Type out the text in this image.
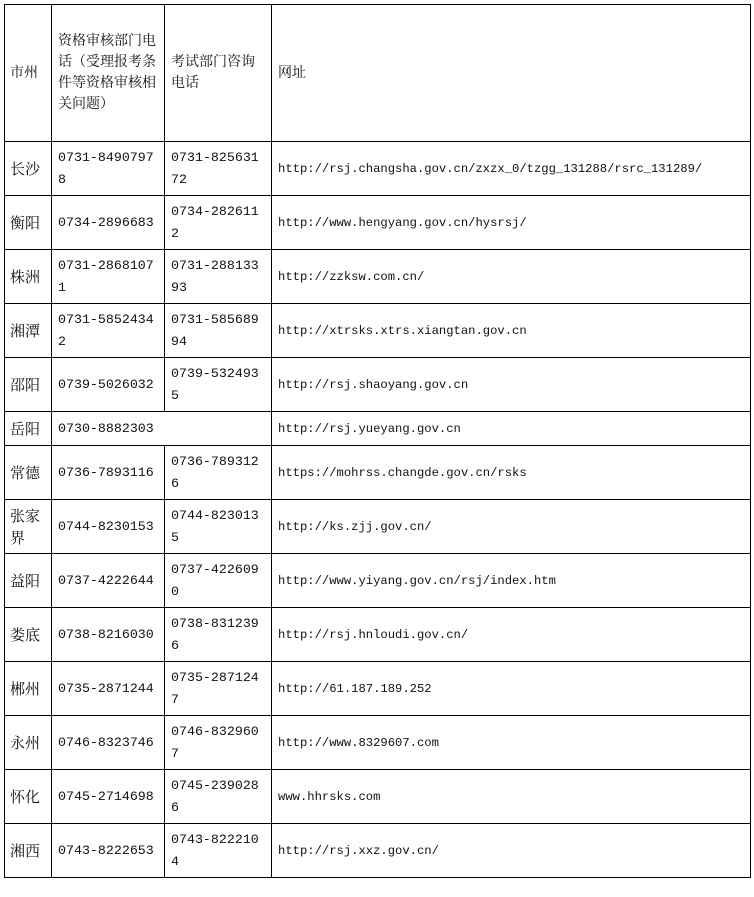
市州	资格审核部门电话（受理报考条件等资格审核相关问题）	考试部门咨询电话	网址
长沙	0731-84907978	0731-82563172	http://rsj.changsha.gov.cn/zxzx_0/tzgg_131288/rsrc_131289/
衡阳	0734-2896683	0734-2826112	http://www.hengyang.gov.cn/hysrsj/
株洲	0731-28681071	0731-28813393	http://zzksw.com.cn/
湘潭	0731-58524342	0731-58568994	http://xtrsks.xtrs.xiangtan.gov.cn
邵阳	0739-5026032	0739-5324935	http://rsj.shaoyang.gov.cn
岳阳	0730-8882303		http://rsj.yueyang.gov.cn
常德	0736-7893116	0736-7893126	https://mohrss.changde.gov.cn/rsks
张家界	0744-8230153	0744-8230135	http://ks.zjj.gov.cn/
益阳	0737-4222644	0737-4226090	http://www.yiyang.gov.cn/rsj/index.htm
娄底	0738-8216030	0738-8312396	http://rsj.hnloudi.gov.cn/
郴州	0735-2871244	0735-2871247	http://61.187.189.252
永州	0746-8323746	0746-8329607	http://www.8329607.com
怀化	0745-2714698	0745-2390286	www.hhrsks.com
湘西	0743-8222653	0743-8222104	http://rsj.xxz.gov.cn/
